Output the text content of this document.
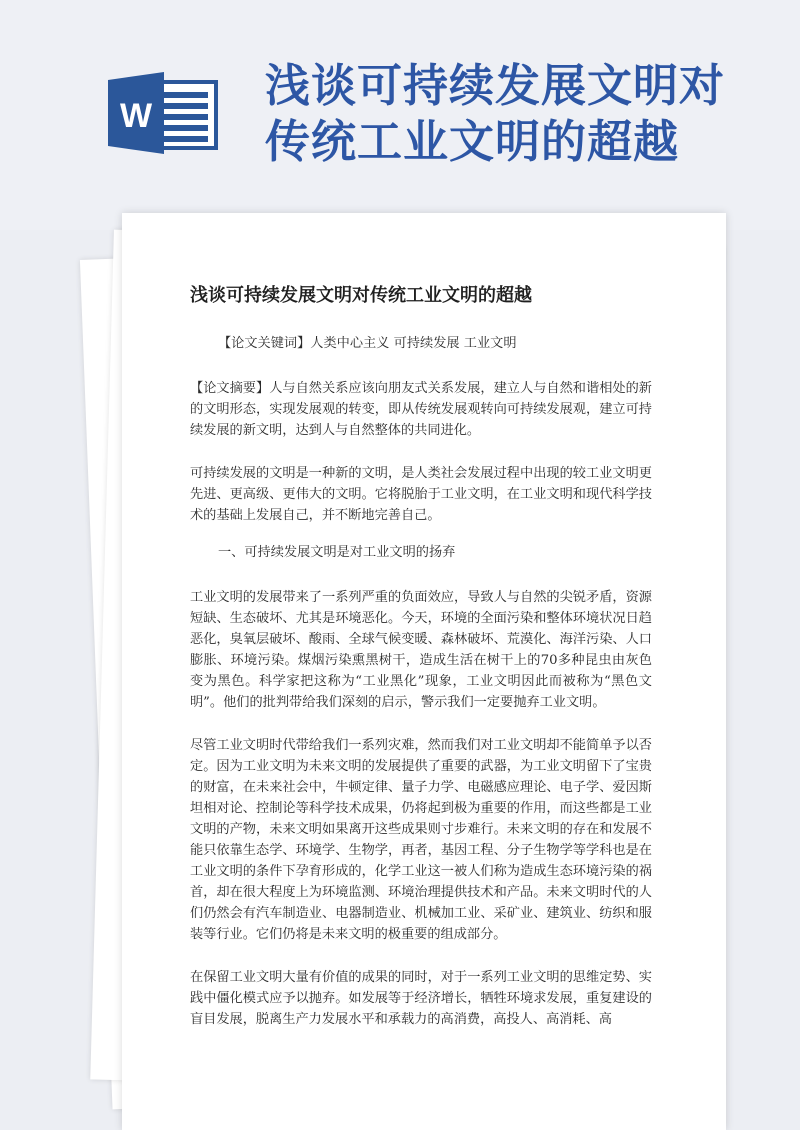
W
浅谈可持续发展文明对
传统工业文明的超越
浅谈可持续发展文明对传统工业文明的超越

【论文关键词】人类中心主义 可持续发展 工业文明

【论文摘要】人与自然关系应该向朋友式关系发展，建立人与自然和谐相处的新的文明形态，实现发展观的转变，即从传统发展观转向可持续发展观，建立可持续发展的新文明，达到人与自然整体的共同进化。

可持续发展的文明是一种新的文明，是人类社会发展过程中出现的较工业文明更先进、更高级、更伟大的文明。它将脱胎于工业文明，在工业文明和现代科学技术的基础上发展自己，并不断地完善自己。

一、可持续发展文明是对工业文明的扬弃

工业文明的发展带来了一系列严重的负面效应，导致人与自然的尖锐矛盾，资源短缺、生态破坏、尤其是环境恶化。今天，环境的全面污染和整体环境状况日趋恶化，臭氧层破坏、酸雨、全球气候变暖、森林破坏、荒漠化、海洋污染、人口膨胀、环境污染。煤烟污染熏黑树干，造成生活在树干上的70多种昆虫由灰色变为黑色。科学家把这称为“工业黑化”现象，工业文明因此而被称为“黑色文明”。他们的批判带给我们深刻的启示，警示我们一定要抛弃工业文明。

尽管工业文明时代带给我们一系列灾难，然而我们对工业文明却不能简单予以否定。因为工业文明为未来文明的发展提供了重要的武器，为工业文明留下了宝贵的财富，在未来社会中，牛顿定律、量子力学、电磁感应理论、电子学、爱因斯坦相对论、控制论等科学技术成果，仍将起到极为重要的作用，而这些都是工业文明的产物，未来文明如果离开这些成果则寸步难行。未来文明的存在和发展不能只依靠生态学、环境学、生物学，再者，基因工程、分子生物学等学科也是在工业文明的条件下孕育形成的，化学工业这一被人们称为造成生态环境污染的祸首，却在很大程度上为环境监测、环境治理提供技术和产品。未来文明时代的人们仍然会有汽车制造业、电器制造业、机械加工业、采矿业、建筑业、纺织和服装等行业。它们仍将是未来文明的极重要的组成部分。

在保留工业文明大量有价值的成果的同时，对于一系列工业文明的思维定势、实践中僵化模式应予以抛弃。如发展等于经济增长，牺牲环境求发展，重复建设的盲目发展，脱离生产力发展水平和承载力的高消费，高投人、高消耗、高
